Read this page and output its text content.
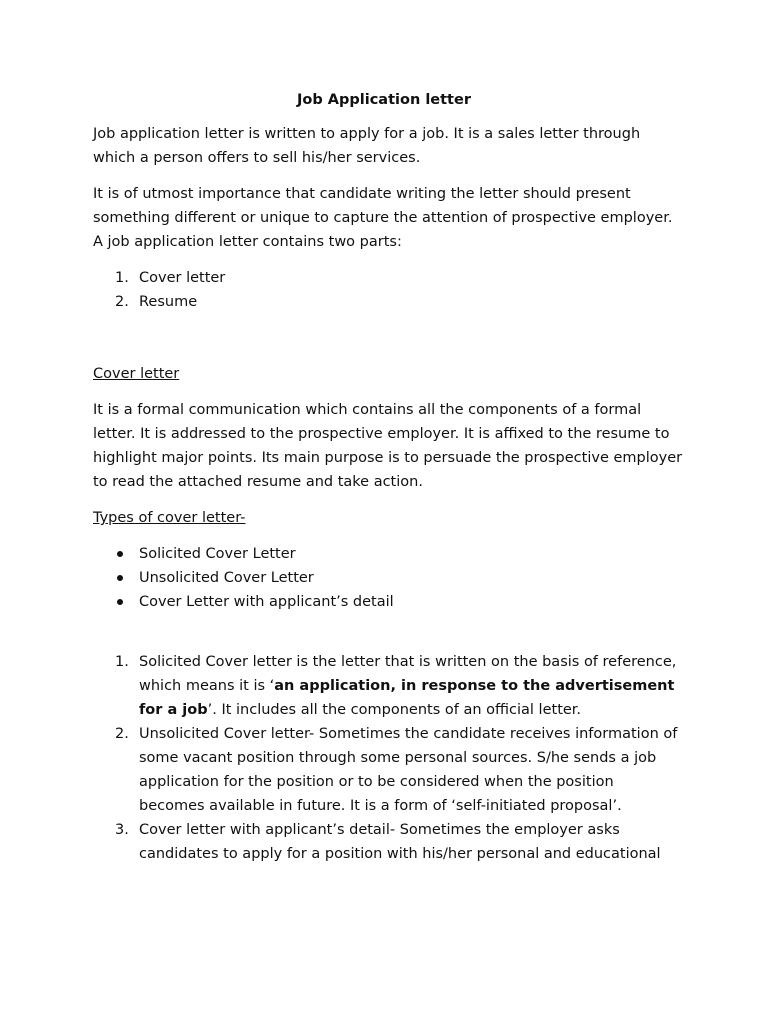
Job Application letter

Job application letter is written to apply for a job. It is a sales letter through which a person offers to sell his/her services.

It is of utmost importance that candidate writing the letter should present something different or unique to capture the attention of prospective employer. A job application letter contains two parts:

1. Cover letter
2. Resume
Cover letter

It is a formal communication which contains all the components of a formal letter. It is addressed to the prospective employer. It is affixed to the resume to highlight major points. Its main purpose is to persuade the prospective employer to read the attached resume and take action.

Types of cover letter-
Solicited Cover Letter
Unsolicited Cover Letter
Cover Letter with applicant’s detail
1. Solicited Cover letter is the letter that is written on the basis of reference, which means it is ‘an application, in response to the advertisement for a job’. It includes all the components of an official letter.
2. Unsolicited Cover letter- Sometimes the candidate receives information of some vacant position through some personal sources. S/he sends a job application for the position or to be considered when the position becomes available in future. It is a form of ‘self-initiated proposal’.
3. Cover letter with applicant’s detail- Sometimes the employer asks candidates to apply for a position with his/her personal and educational
